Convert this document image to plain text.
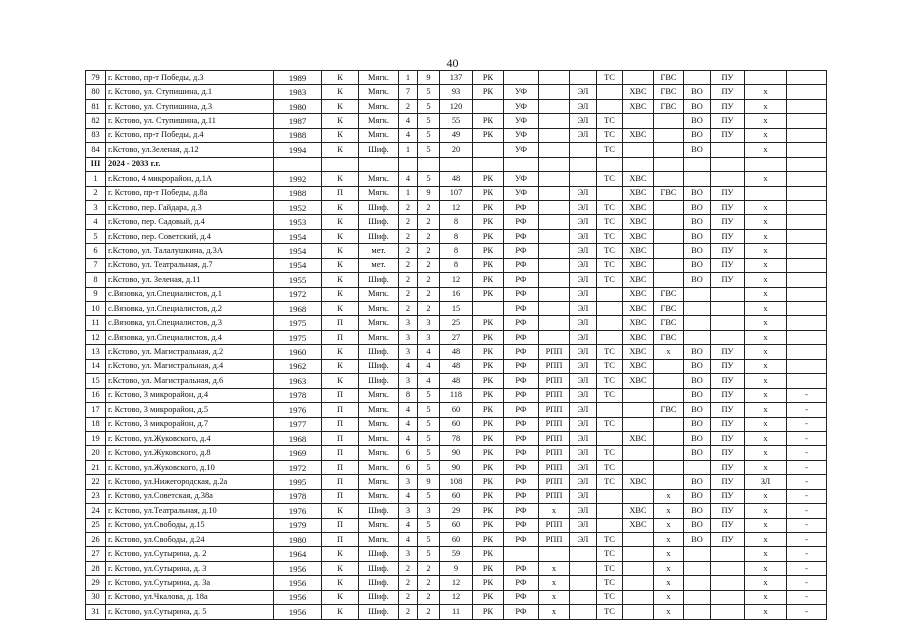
40
79	г. Кстово, пр-т Победы, д.3	1989	К	Мягк.	1	9	137	РК				ТС		ГВС		ПУ		
80	г. Кстово, ул. Ступишина, д.1	1983	К	Мягк.	7	5	93	РК	УФ		ЭЛ		ХВС	ГВС	ВО	ПУ	х	
81	г. Кстово, ул. Ступишина, д.3	1980	К	Мягк.	2	5	120		УФ		ЭЛ		ХВС	ГВС	ВО	ПУ	х	
82	г. Кстово, ул. Ступишина, д.11	1987	К	Мягк.	4	5	55	РК	УФ		ЭЛ	ТС			ВО	ПУ	х	
83	г. Кстово, пр-т Победы, д.4	1988	К	Мягк.	4	5	49	РК	УФ		ЭЛ	ТС	ХВС		ВО	ПУ	х	
84	г.Кстово, ул.Зеленая, д.12	1994	К	Шиф.	1	5	20		УФ			ТС			ВО		х	
III	2024 - 2033 г.г.																	
1	г.Кстово, 4 микрорайон, д.1А	1992	К	Мягк.	4	5	48	РК	УФ			ТС	ХВС				х	
2	г. Кстово, пр-т Победы, д.8а	1988	П	Мягк.	1	9	107	РК	УФ		ЭЛ		ХВС	ГВС	ВО	ПУ		
3	г.Кстово, пер. Гайдара, д.3	1952	К	Шиф.	2	2	12	РК	РФ		ЭЛ	ТС	ХВС		ВО	ПУ	х	
4	г.Кстово, пер. Садовый, д.4	1953	К	Шиф.	2	2	8	РК	РФ		ЭЛ	ТС	ХВС		ВО	ПУ	х	
5	г.Кстово, пер. Советский, д.4	1954	К	Шиф.	2	2	8	РК	РФ		ЭЛ	ТС	ХВС		ВО	ПУ	х	
6	г.Кстово, ул. Талалушкина, д.3А	1954	К	мет.	2	2	8	РК	РФ		ЭЛ	ТС	ХВС		ВО	ПУ	х	
7	г.Кстово, ул. Театральная, д.7	1954	К	мет.	2	2	8	РК	РФ		ЭЛ	ТС	ХВС		ВО	ПУ	х	
8	г.Кстово, ул. Зеленая, д.11	1955	К	Шиф.	2	2	12	РК	РФ		ЭЛ	ТС	ХВС		ВО	ПУ	х	
9	с.Вязовка, ул.Специалистов, д.1	1972	К	Мягк.	2	2	16	РК	РФ		ЭЛ		ХВС	ГВС			х	
10	с.Вязовка, ул.Специалистов, д.2	1968	К	Мягк.	2	2	15		РФ		ЭЛ		ХВС	ГВС			х	
11	с.Вязовка, ул.Специалистов, д.3	1975	П	Мягк.	3	3	25	РК	РФ		ЭЛ		ХВС	ГВС			х	
12	с.Вязовка, ул.Специалистов, д.4	1975	П	Мягк.	3	3	27	РК	РФ		ЭЛ		ХВС	ГВС			х	
13	г.Кстово, ул. Магистральная, д.2	1960	К	Шиф.	3	4	48	РК	РФ	РПП	ЭЛ	ТС	ХВС	х	ВО	ПУ	х	
14	г.Кстово, ул. Магистральная, д.4	1962	К	Шиф.	4	4	48	РК	РФ	РПП	ЭЛ	ТС	ХВС		ВО	ПУ	х	
15	г.Кстово, ул. Магистральная, д.6	1963	К	Шиф.	3	4	48	РК	РФ	РПП	ЭЛ	ТС	ХВС		ВО	ПУ	х	
16	г. Кстово, 3 микрорайон, д.4	1978	П	Мягк.	8	5	118	РК	РФ	РПП	ЭЛ	ТС			ВО	ПУ	х	-
17	г. Кстово, 3 микрорайон, д.5	1976	П	Мягк.	4	5	60	РК	РФ	РПП	ЭЛ			ГВС	ВО	ПУ	х	-
18	г. Кстово, 3 микрорайон, д.7	1977	П	Мягк.	4	5	60	РК	РФ	РПП	ЭЛ	ТС			ВО	ПУ	х	-
19	г. Кстово, ул.Жуковского, д.4	1968	П	Мягк.	4	5	78	РК	РФ	РПП	ЭЛ		ХВС		ВО	ПУ	х	-
20	г. Кстово, ул.Жуковского, д.8	1969	П	Мягк.	6	5	90	РК	РФ	РПП	ЭЛ	ТС			ВО	ПУ	х	-
21	г. Кстово, ул.Жуковского, д.10	1972	П	Мягк.	6	5	90	РК	РФ	РПП	ЭЛ	ТС				ПУ	х	-
22	г. Кстово, ул.Нижегородская, д.2а	1995	П	Мягк.	3	9	108	РК	РФ	РПП	ЭЛ	ТС	ХВС		ВО	ПУ	ЗЛ	-
23	г. Кстово, ул.Советская, д.38а	1978	П	Мягк.	4	5	60	РК	РФ	РПП	ЭЛ			х	ВО	ПУ	х	-
24	г. Кстово, ул.Театральная, д.10	1976	К	Шиф.	3	3	29	РК	РФ	х	ЭЛ		ХВС	х	ВО	ПУ	х	-
25	г. Кстово, ул.Свободы, д.15	1979	П	Мягк.	4	5	60	РК	РФ	РПП	ЭЛ		ХВС	х	ВО	ПУ	х	-
26	г. Кстово, ул.Свободы, д.24	1980	П	Мягк.	4	5	60	РК	РФ	РПП	ЭЛ	ТС		х	ВО	ПУ	х	-
27	г. Кстово, ул.Сутырина, д. 2	1964	К	Шиф.	3	5	59	РК				ТС		х			х	-
28	г. Кстово, ул.Сутырина, д. 3	1956	К	Шиф.	2	2	9	РК	РФ	х		ТС		х			х	-
29	г. Кстово, ул.Сутырина, д. 3а	1956	К	Шиф.	2	2	12	РК	РФ	х		ТС		х			х	-
30	г. Кстово, ул.Чкалова, д. 18а	1956	К	Шиф.	2	2	12	РК	РФ	х		ТС		х			х	-
31	г. Кстово, ул.Сутырина, д. 5	1956	К	Шиф.	2	2	11	РК	РФ	х		ТС		х			х	-
